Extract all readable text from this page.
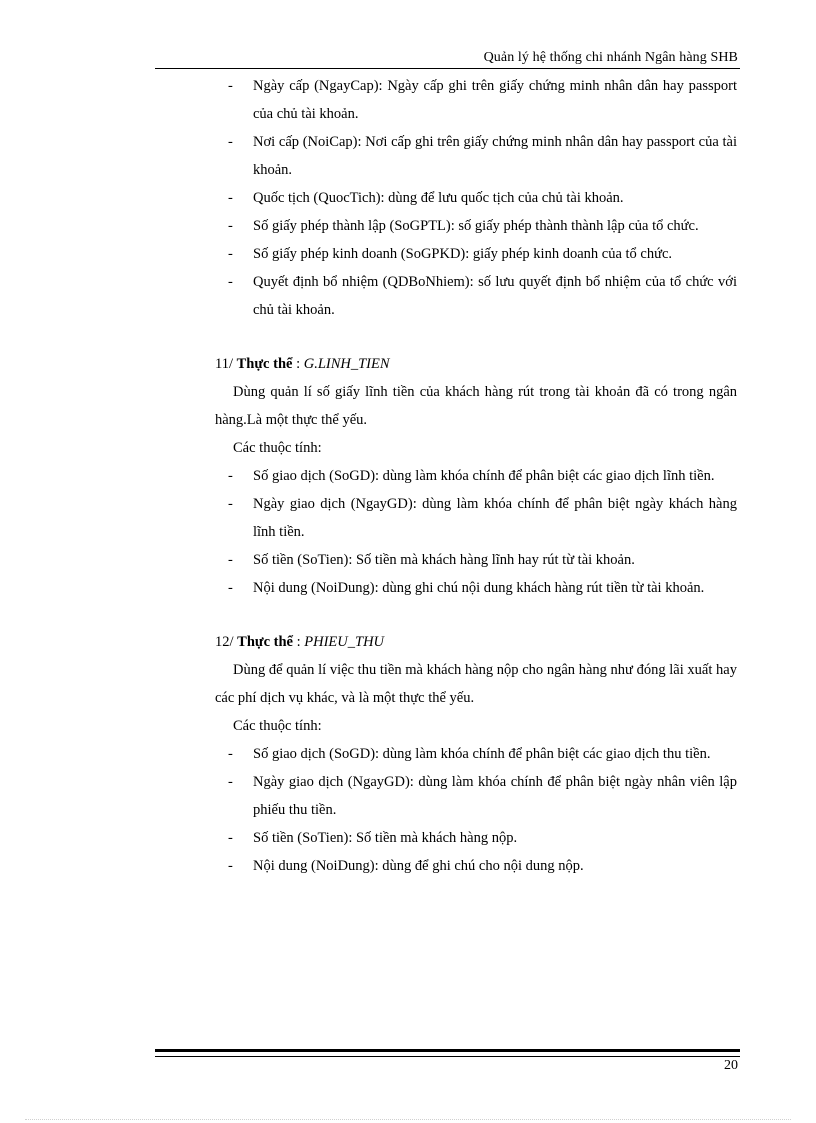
Quản lý hệ thống chi nhánh Ngân hàng SHB

- Ngày cấp (NgayCap): Ngày cấp ghi trên giấy chứng minh nhân dân hay passport của chủ tài khoản.

- Nơi cấp (NoiCap): Nơi cấp ghi trên giấy chứng minh nhân dân hay passport của tài khoản.

- Quốc tịch (QuocTich): dùng để lưu quốc tịch của chủ tài khoản.

- Số giấy phép thành lập (SoGPTL): số giấy phép thành thành lập của tổ chức.

- Số giấy phép kinh doanh (SoGPKD): giấy phép kinh doanh của tổ chức.

- Quyết định bổ nhiệm (QDBoNhiem): số lưu quyết định bổ nhiệm của tổ chức với chủ tài khoản.

11/ Thực thể : G.LINH_TIEN

Dùng quản lí số giấy lĩnh tiền của khách hàng rút trong tài khoản đã có trong ngân hàng.Là một thực thể yếu.

Các thuộc tính:

- Số giao dịch (SoGD): dùng làm khóa chính để phân biệt các giao dịch lĩnh tiền.

- Ngày giao dịch (NgayGD): dùng làm khóa chính để phân biệt ngày khách hàng lĩnh tiền.

- Số tiền (SoTien): Số tiền mà khách hàng lĩnh hay rút từ tài khoản.

- Nội dung (NoiDung): dùng ghi chú nội dung khách hàng rút tiền từ tài khoản.

12/ Thực thể : PHIEU_THU

Dùng để quản lí việc thu tiền mà khách hàng nộp cho ngân hàng như đóng lãi xuất hay các phí dịch vụ khác, và là một thực thể yếu.

Các thuộc tính:

- Số giao dịch (SoGD): dùng làm khóa chính để phân biệt các giao dịch thu tiền.

- Ngày giao dịch (NgayGD): dùng làm khóa chính để phân biệt ngày nhân viên lập phiếu thu tiền.

- Số tiền (SoTien): Số tiền mà khách hàng nộp.

- Nội dung (NoiDung): dùng để ghi chú cho nội dung nộp.

20
